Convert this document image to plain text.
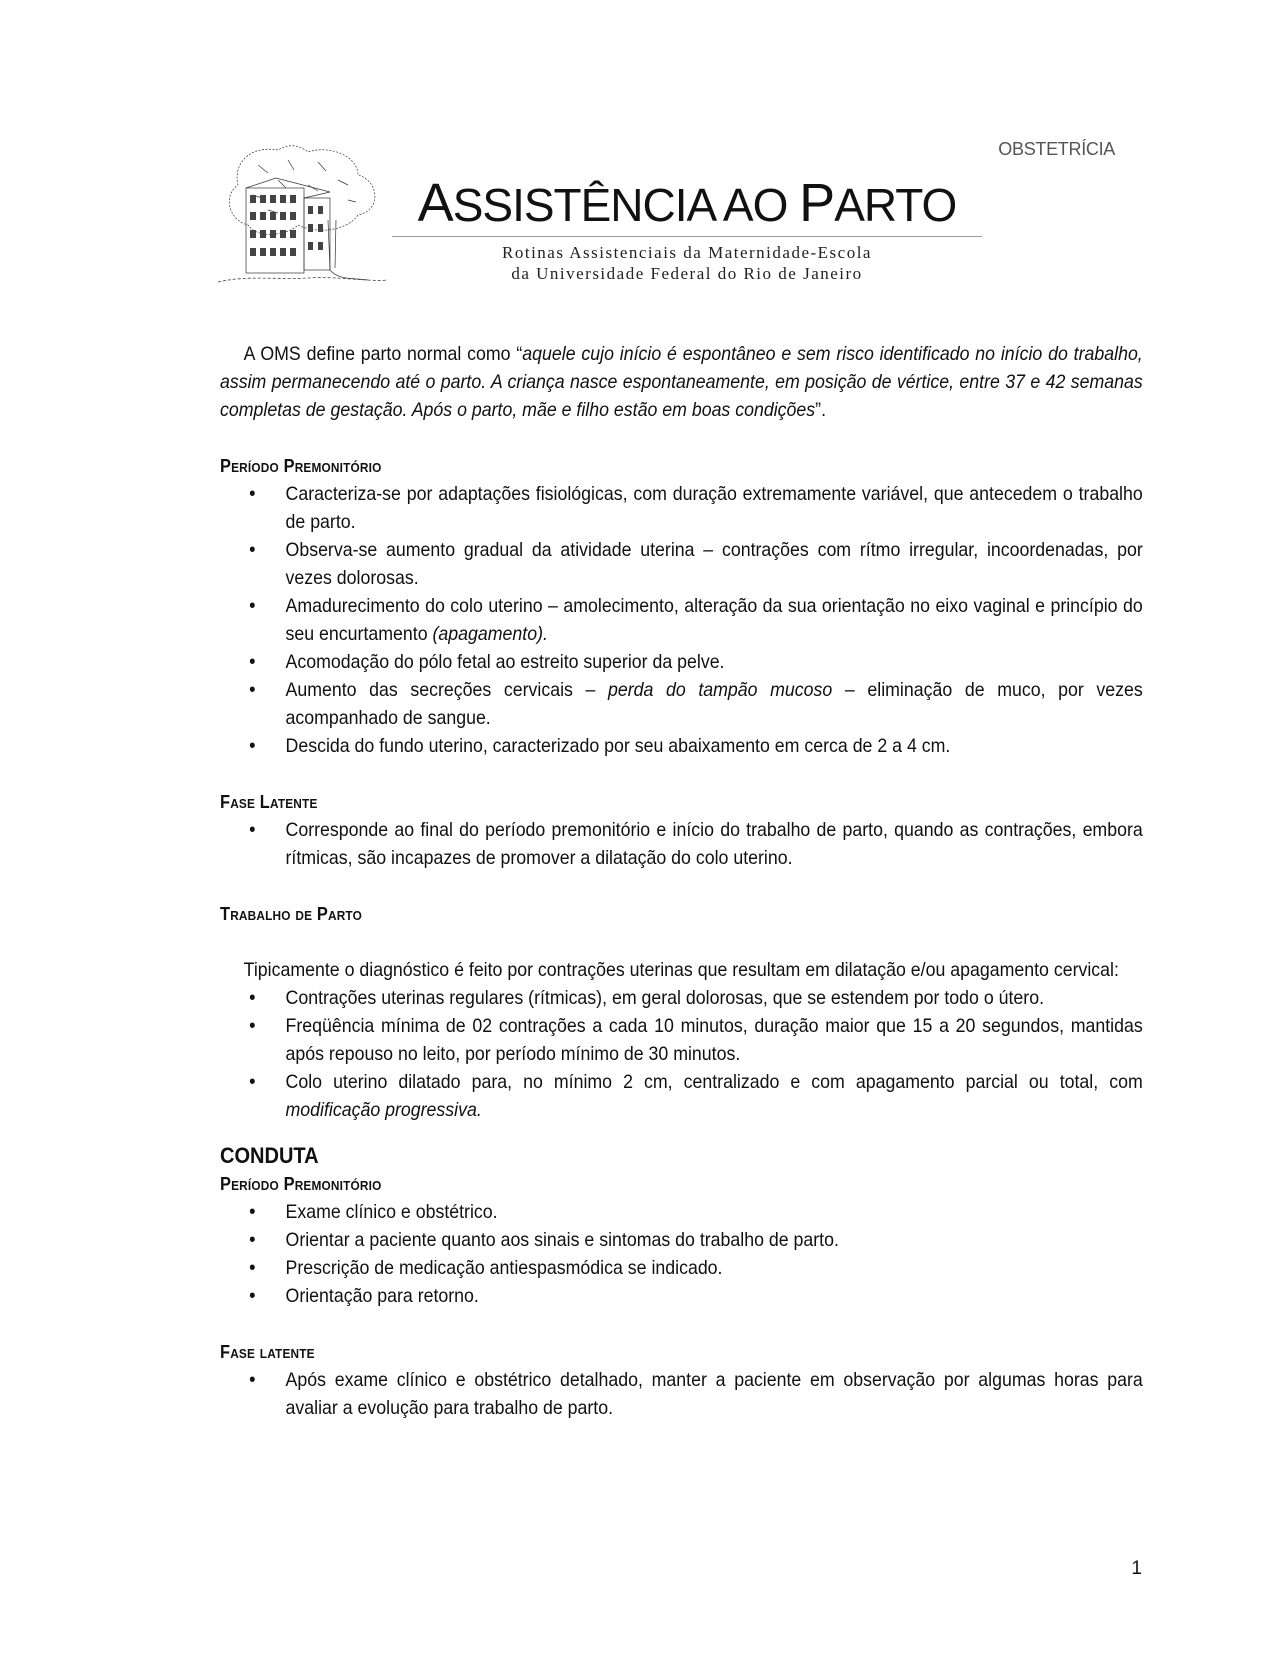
OBSTETRÍCIA
ASSISTÊNCIA AO PARTO
Rotinas Assistenciais da Maternidade-Escola
da Universidade Federal do Rio de Janeiro

A OMS define parto normal como “aquele cujo início é espontâneo e sem risco identificado no início do trabalho, assim permanecendo até o parto. A criança nasce espontaneamente, em posição de vértice, entre 37 e 42 semanas completas de gestação. Após o parto, mãe e filho estão em boas condições”.

Período Premonitório
• Caracteriza-se por adaptações fisiológicas, com duração extremamente variável, que antecedem o trabalho de parto.
• Observa-se aumento gradual da atividade uterina – contrações com rítmo irregular, incoordenadas, por vezes dolorosas.
• Amadurecimento do colo uterino – amolecimento, alteração da sua orientação no eixo vaginal e princípio do seu encurtamento (apagamento).
• Acomodação do pólo fetal ao estreito superior da pelve.
• Aumento das secreções cervicais – perda do tampão mucoso – eliminação de muco, por vezes acompanhado de sangue.
• Descida do fundo uterino, caracterizado por seu abaixamento em cerca de 2 a 4 cm.
Fase Latente
• Corresponde ao final do período premonitório e início do trabalho de parto, quando as contrações, embora rítmicas, são incapazes de promover a dilatação do colo uterino.
Trabalho de Parto

Tipicamente o diagnóstico é feito por contrações uterinas que resultam em dilatação e/ou apagamento cervical:

• Contrações uterinas regulares (rítmicas), em geral dolorosas, que se estendem por todo o útero.
• Freqüência mínima de 02 contrações a cada 10 minutos, duração maior que 15 a 20 segundos, mantidas após repouso no leito, por período mínimo de 30 minutos.
• Colo uterino dilatado para, no mínimo 2 cm, centralizado e com apagamento parcial ou total, com modificação progressiva.
CONDUTA
Período Premonitório
• Exame clínico e obstétrico.
• Orientar a paciente quanto aos sinais e sintomas do trabalho de parto.
• Prescrição de medicação antiespasmódica se indicado.
• Orientação para retorno.
Fase latente
• Após exame clínico e obstétrico detalhado, manter a paciente em observação por algumas horas para avaliar a evolução para trabalho de parto.
1
